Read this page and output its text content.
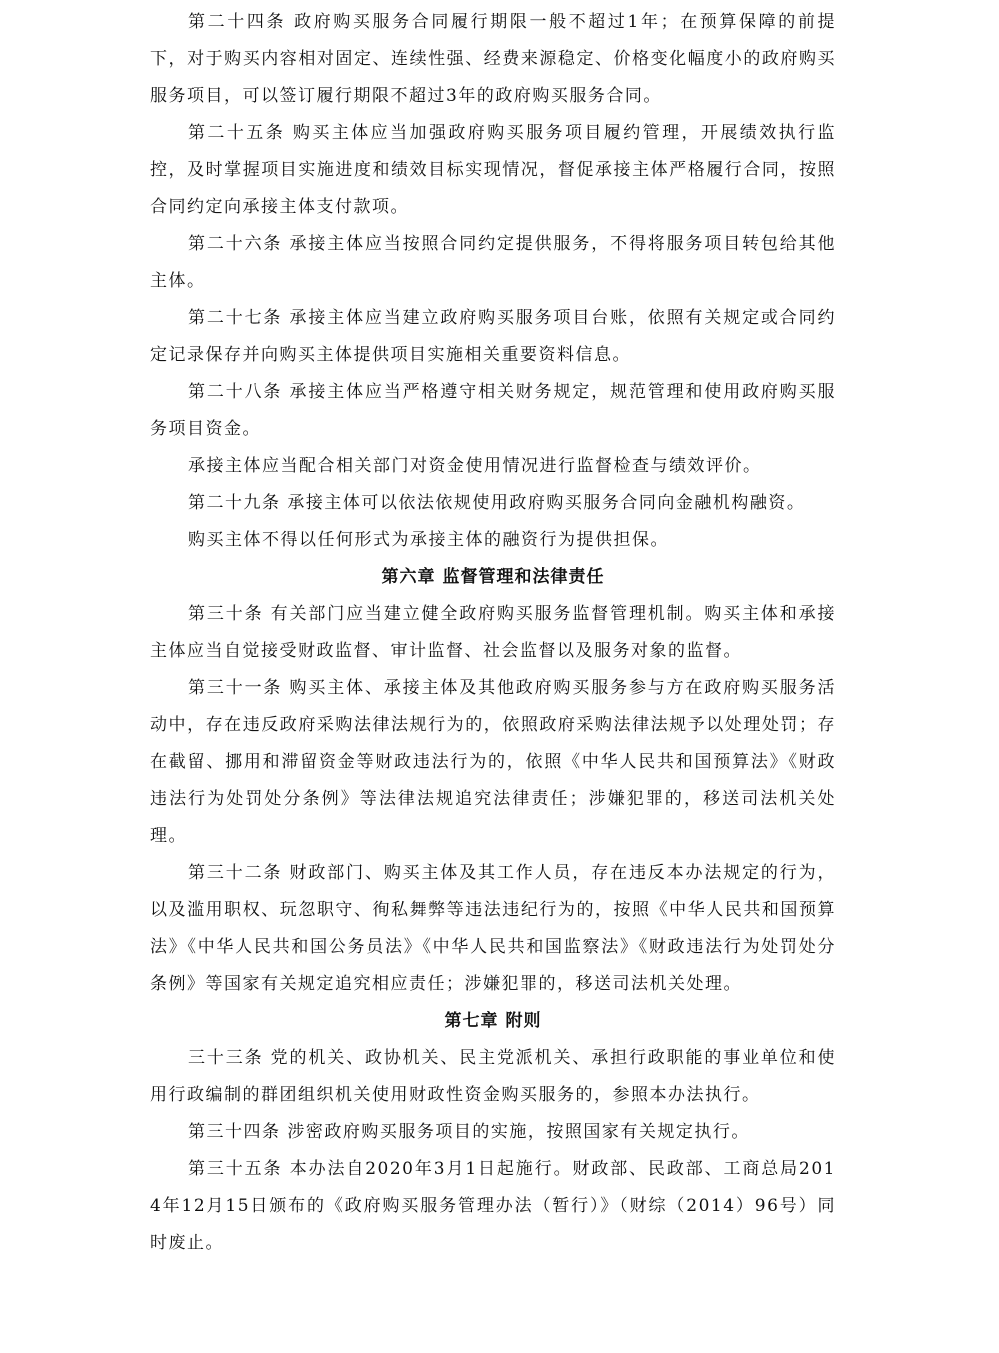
第二十四条 政府购买服务合同履行期限一般不超过1年；在预算保障的前提下，对于购买内容相对固定、连续性强、经费来源稳定、价格变化幅度小的政府购买服务项目，可以签订履行期限不超过3年的政府购买服务合同。

第二十五条 购买主体应当加强政府购买服务项目履约管理，开展绩效执行监控，及时掌握项目实施进度和绩效目标实现情况，督促承接主体严格履行合同，按照合同约定向承接主体支付款项。

第二十六条 承接主体应当按照合同约定提供服务，不得将服务项目转包给其他主体。

第二十七条 承接主体应当建立政府购买服务项目台账，依照有关规定或合同约定记录保存并向购买主体提供项目实施相关重要资料信息。

第二十八条 承接主体应当严格遵守相关财务规定，规范管理和使用政府购买服务项目资金。

承接主体应当配合相关部门对资金使用情况进行监督检查与绩效评价。

第二十九条 承接主体可以依法依规使用政府购买服务合同向金融机构融资。

购买主体不得以任何形式为承接主体的融资行为提供担保。

第六章 监督管理和法律责任

第三十条 有关部门应当建立健全政府购买服务监督管理机制。购买主体和承接主体应当自觉接受财政监督、审计监督、社会监督以及服务对象的监督。

第三十一条 购买主体、承接主体及其他政府购买服务参与方在政府购买服务活动中，存在违反政府采购法律法规行为的，依照政府采购法律法规予以处理处罚；存在截留、挪用和滞留资金等财政违法行为的，依照《中华人民共和国预算法》《财政违法行为处罚处分条例》等法律法规追究法律责任；涉嫌犯罪的，移送司法机关处理。

第三十二条 财政部门、购买主体及其工作人员，存在违反本办法规定的行为，以及滥用职权、玩忽职守、徇私舞弊等违法违纪行为的，按照《中华人民共和国预算法》《中华人民共和国公务员法》《中华人民共和国监察法》《财政违法行为处罚处分条例》等国家有关规定追究相应责任；涉嫌犯罪的，移送司法机关处理。

第七章 附则

三十三条 党的机关、政协机关、民主党派机关、承担行政职能的事业单位和使用行政编制的群团组织机关使用财政性资金购买服务的，参照本办法执行。

第三十四条 涉密政府购买服务项目的实施，按照国家有关规定执行。

第三十五条 本办法自2020年3月1日起施行。财政部、民政部、工商总局2014年12月15日颁布的《政府购买服务管理办法（暂行）》（财综（2014）96号）同时废止。
